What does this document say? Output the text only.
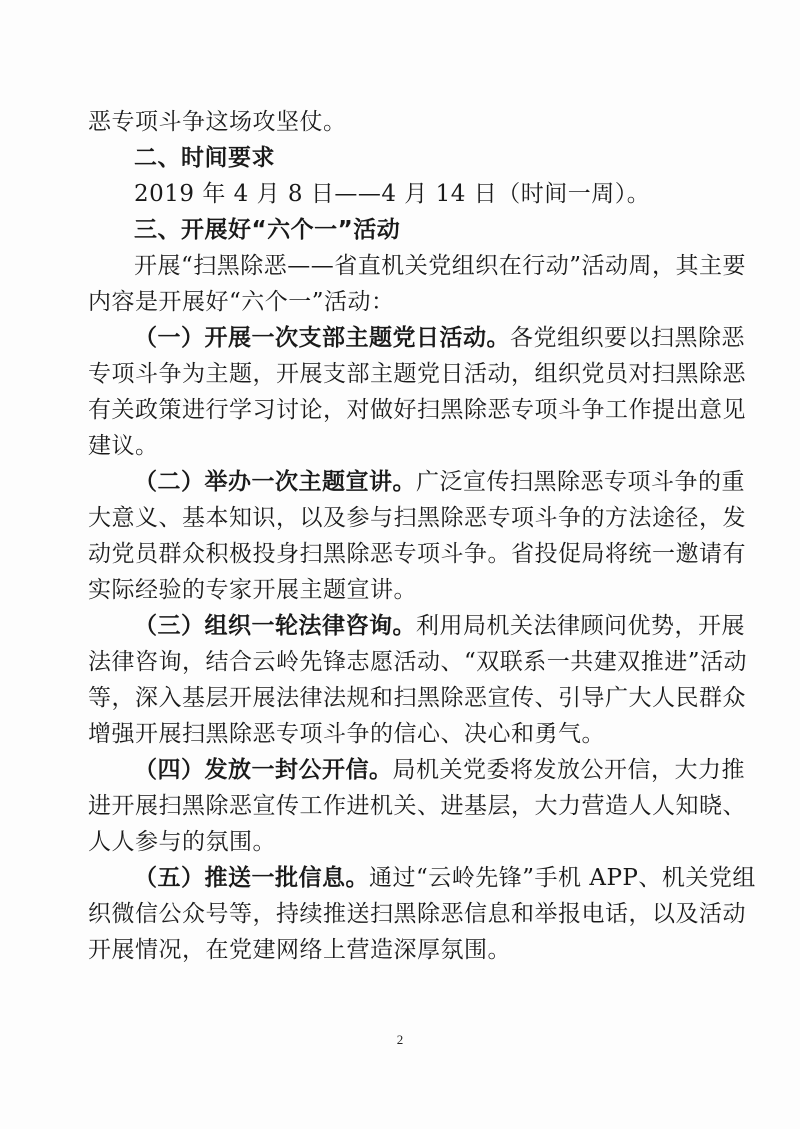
恶专项斗争这场攻坚仗。
二、时间要求
2019 年 4 月 8 日——4 月 14 日（时间一周）。
三、开展好“六个一”活动
开展“扫黑除恶——省直机关党组织在行动”活动周，其主要
内容是开展好“六个一”活动：
（一）开展一次支部主题党日活动。各党组织要以扫黑除恶
专项斗争为主题，开展支部主题党日活动，组织党员对扫黑除恶
有关政策进行学习讨论，对做好扫黑除恶专项斗争工作提出意见
建议。
（二）举办一次主题宣讲。广泛宣传扫黑除恶专项斗争的重
大意义、基本知识，以及参与扫黑除恶专项斗争的方法途径，发
动党员群众积极投身扫黑除恶专项斗争。省投促局将统一邀请有
实际经验的专家开展主题宣讲。
（三）组织一轮法律咨询。利用局机关法律顾问优势，开展
法律咨询，结合云岭先锋志愿活动、“双联系一共建双推进”活动
等，深入基层开展法律法规和扫黑除恶宣传、引导广大人民群众
增强开展扫黑除恶专项斗争的信心、决心和勇气。
（四）发放一封公开信。局机关党委将发放公开信，大力推
进开展扫黑除恶宣传工作进机关、进基层，大力营造人人知晓、
人人参与的氛围。
（五）推送一批信息。通过“云岭先锋”手机 APP、机关党组
织微信公众号等，持续推送扫黑除恶信息和举报电话，以及活动
开展情况，在党建网络上营造深厚氛围。
2
